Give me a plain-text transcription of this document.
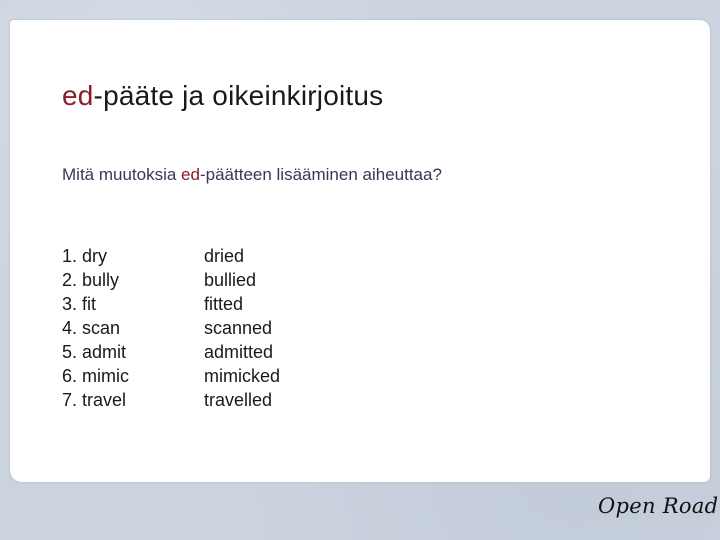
ed-pääte ja oikeinkirjoitus
Mitä muutoksia ed-päätteen lisääminen aiheuttaa?
1. dry	dried
2. bully	bullied
3. fit	fitted
4. scan	scanned
5. admit	admitted
6. mimic	mimicked
7. travel	travelled
Open Road
